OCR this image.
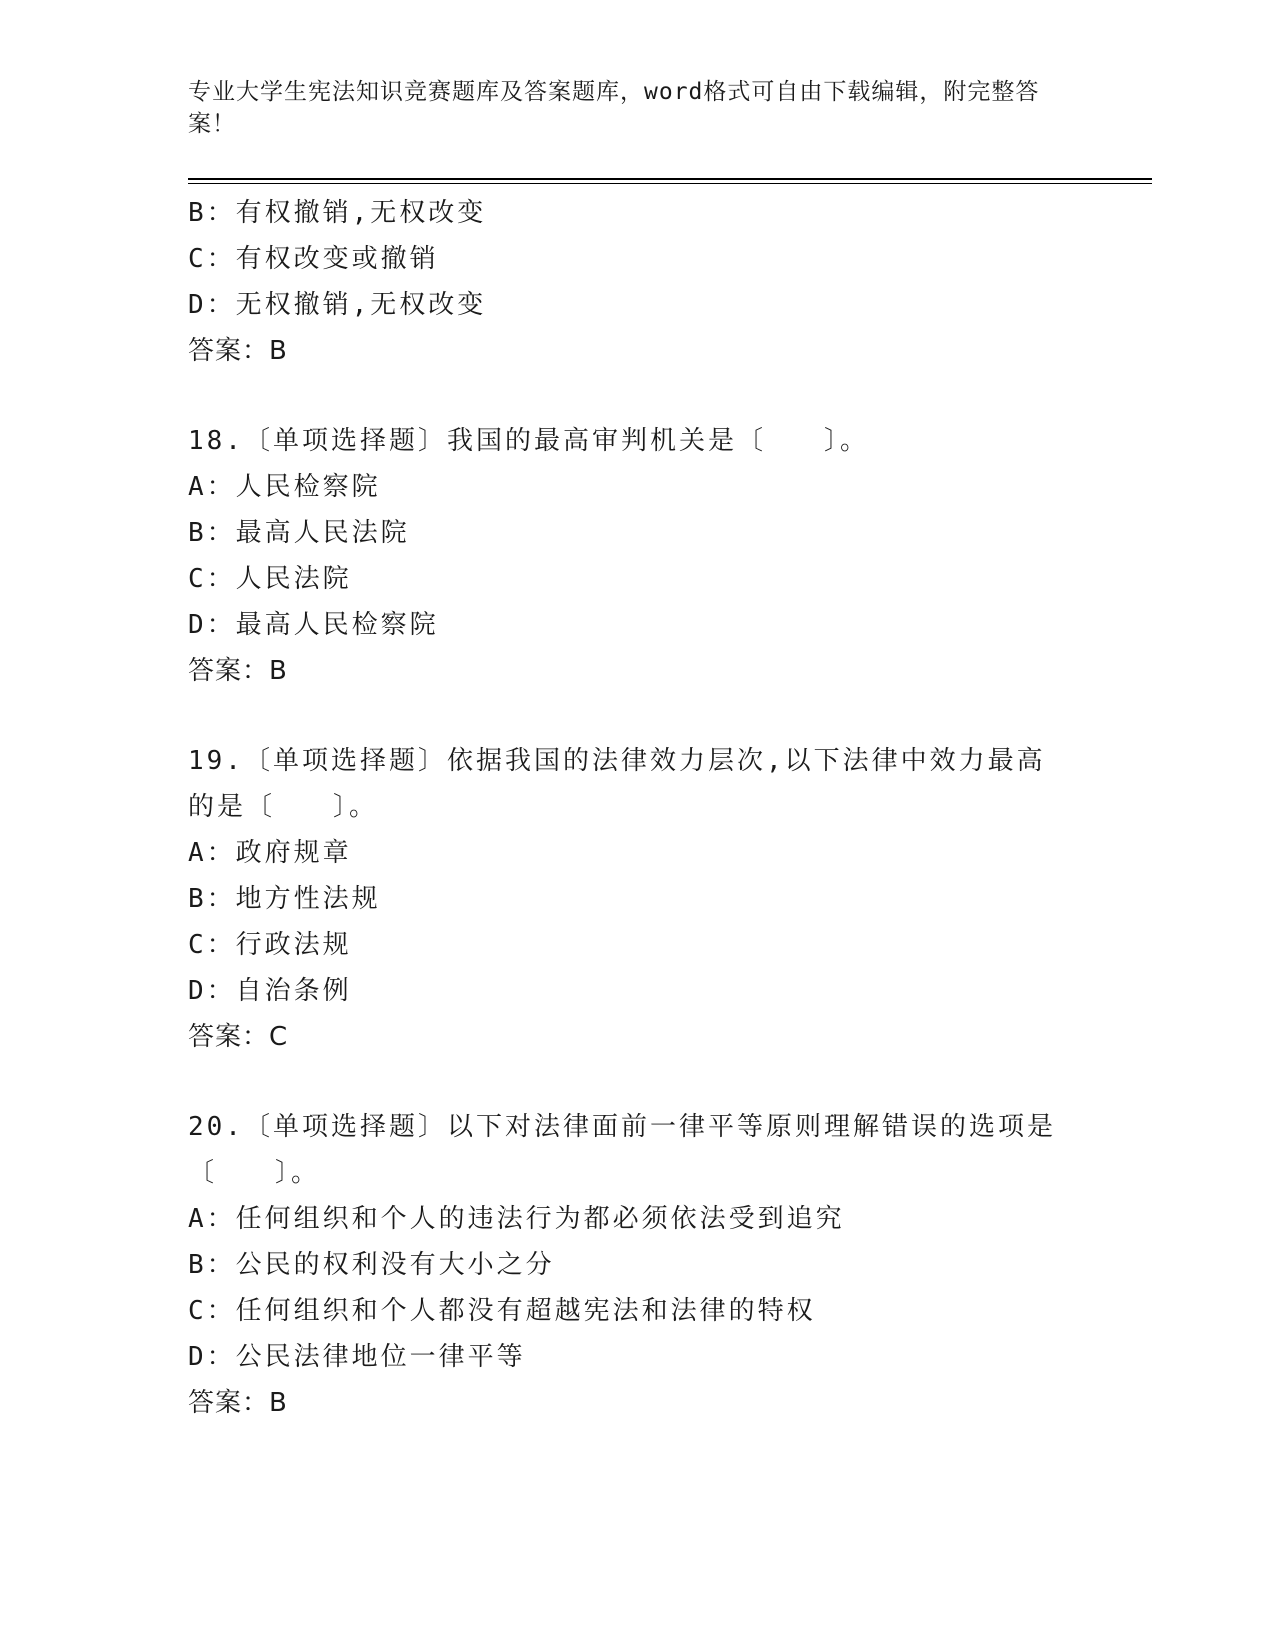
专业大学生宪法知识竞赛题库及答案题库，word格式可自由下载编辑，附完整答案！
B：有权撤销,无权改变
C：有权改变或撤销
D：无权撤销,无权改变
答案：B
18.〔单项选择题〕我国的最高审判机关是〔　　〕。
A：人民检察院
B：最高人民法院
C：人民法院
D：最高人民检察院
答案：B
19.〔单项选择题〕依据我国的法律效力层次,以下法律中效力最高的是〔　　〕。
A：政府规章
B：地方性法规
C：行政法规
D：自治条例
答案：C
20.〔单项选择题〕以下对法律面前一律平等原则理解错误的选项是〔　　〕。
A：任何组织和个人的违法行为都必须依法受到追究
B：公民的权利没有大小之分
C：任何组织和个人都没有超越宪法和法律的特权
D：公民法律地位一律平等
答案：B
